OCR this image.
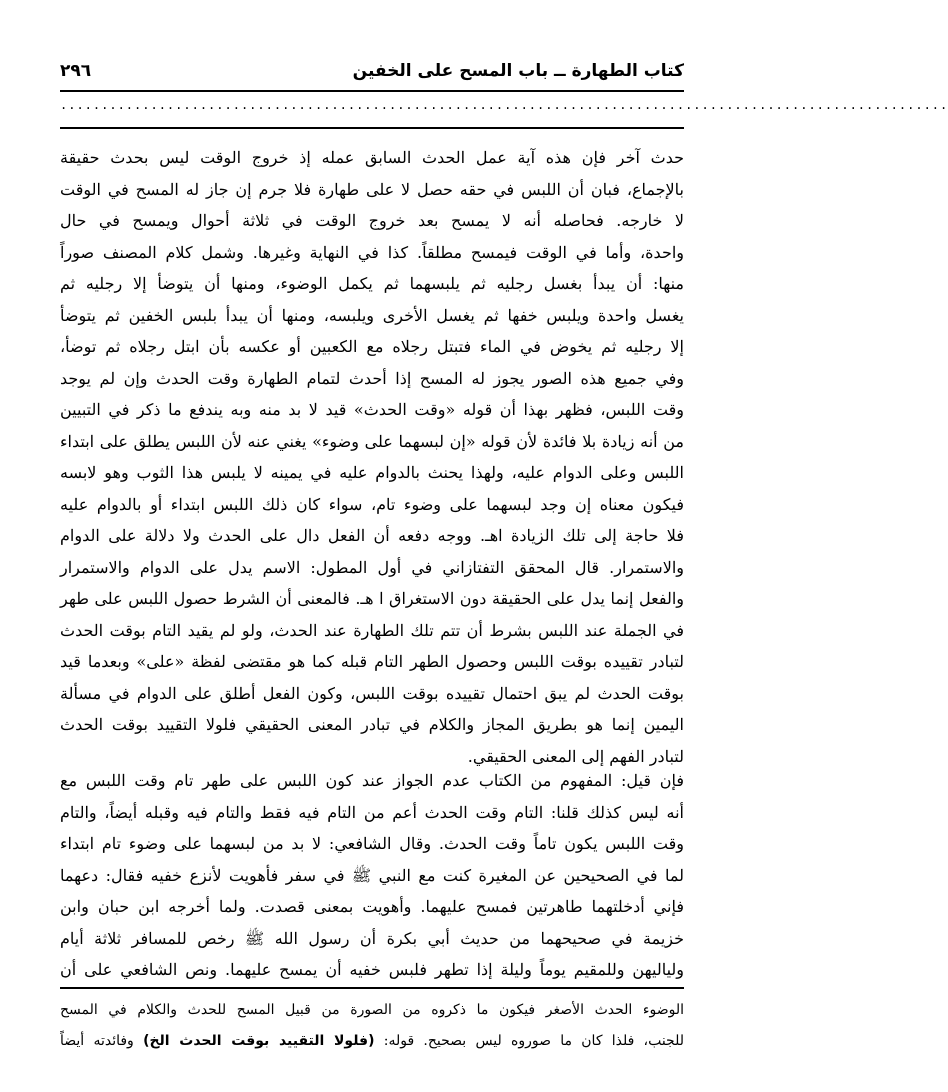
كتاب الطهارة ــ باب المسح على الخفين
٢٩٦
............................................................................................................
حدث آخر فإن هذه آية عمل الحدث السابق عمله إذ خروج الوقت ليس بحدث حقيقة
بالإجماع، فبان أن اللبس في حقه حصل لا على طهارة فلا جرم إن جاز له المسح في الوقت
لا خارجه. فحاصله أنه لا يمسح بعد خروج الوقت في ثلاثة أحوال ويمسح في حال
واحدة، وأما في الوقت فيمسح مطلقاً. كذا في النهاية وغيرها. وشمل كلام المصنف صوراً
منها: أن يبدأ بغسل رجليه ثم يلبسهما ثم يكمل الوضوء، ومنها أن يتوضأ إلا رجليه ثم
يغسل واحدة ويلبس خفها ثم يغسل الأخرى ويلبسه، ومنها أن يبدأ بلبس الخفين ثم يتوضأ
إلا رجليه ثم يخوض في الماء فتبتل رجلاه مع الكعبين أو عكسه بأن ابتل رجلاه ثم توضأ،
وفي جميع هذه الصور يجوز له المسح إذا أحدث لتمام الطهارة وقت الحدث وإن لم يوجد
وقت اللبس، فظهر بهذا أن قوله «وقت الحدث» قيد لا بد منه وبه يندفع ما ذكر في التبيين
من أنه زيادة بلا فائدة لأن قوله «إن لبسهما على وضوء» يغني عنه لأن اللبس يطلق على ابتداء
اللبس وعلى الدوام عليه، ولهذا يحنث بالدوام عليه في يمينه لا يلبس هذا الثوب وهو لابسه
فيكون معناه إن وجد لبسهما على وضوء تام، سواء كان ذلك اللبس ابتداء أو بالدوام عليه
فلا حاجة إلى تلك الزيادة اهـ. ووجه دفعه أن الفعل دال على الحدث ولا دلالة على الدوام
والاستمرار. قال المحقق التفتازاني في أول المطول: الاسم يدل على الدوام والاستمرار
والفعل إنما يدل على الحقيقة دون الاستغراق ا هـ. فالمعنى أن الشرط حصول اللبس على طهر
في الجملة عند اللبس بشرط أن تتم تلك الطهارة عند الحدث، ولو لم يقيد التام بوقت الحدث
لتبادر تقييده بوقت اللبس وحصول الطهر التام قبله كما هو مقتضى لفظة «على» وبعدما قيد
بوقت الحدث لم يبق احتمال تقييده بوقت اللبس، وكون الفعل أطلق على الدوام في مسألة
اليمين إنما هو بطريق المجاز والكلام في تبادر المعنى الحقيقي فلولا التقييد بوقت الحدث
لتبادر الفهم إلى المعنى الحقيقي.
فإن قيل: المفهوم من الكتاب عدم الجواز عند كون اللبس على طهر تام وقت اللبس مع
أنه ليس كذلك قلنا: التام وقت الحدث أعم من التام فيه فقط والتام فيه وقبله أيضاً، والتام
وقت اللبس يكون تاماً وقت الحدث. وقال الشافعي: لا بد من لبسهما على وضوء تام ابتداء
لما في الصحيحين عن المغيرة كنت مع النبي ﷺ في سفر فأهويت لأنزع خفيه فقال: دعهما
فإني أدخلتهما طاهرتين فمسح عليهما. وأهويت بمعنى قصدت. ولما أخرجه ابن حبان وابن
خزيمة في صحيحهما من حديث أبي بكرة أن رسول الله ﷺ رخص للمسافر ثلاثة أيام
ولياليهن وللمقيم يوماً وليلة إذا تطهر فلبس خفيه أن يمسح عليهما. ونص الشافعي على أن
الوضوء الحدث الأصغر فيكون ما ذكروه من الصورة من قبيل المسح للحدث والكلام في المسح
للجنب، فلذا كان ما صوروه ليس بصحيح. قوله: (فلولا التقييد بوقت الحدث الخ) وفائدته أيضاً
